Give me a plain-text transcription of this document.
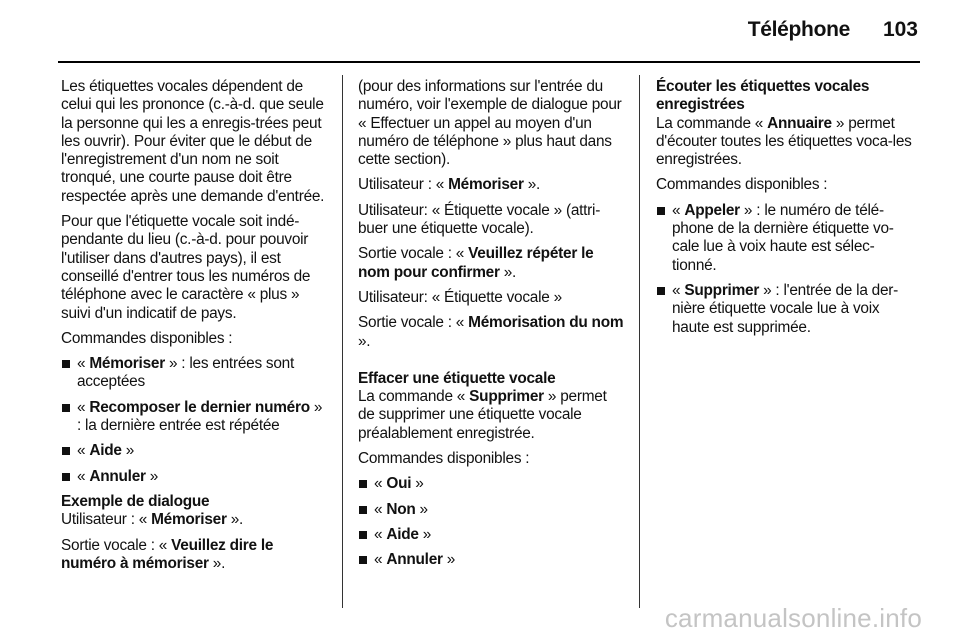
Téléphone 103

Les étiquettes vocales dépendent de celui qui les prononce (c.-à-d. que seule la personne qui les a enregis-trées peut les ouvrir). Pour éviter que le début de l'enregistrement d'un nom ne soit tronqué, une courte pause doit être respectée après une demande d'entrée.

Pour que l'étiquette vocale soit indé-pendante du lieu (c.-à-d. pour pouvoir l'utiliser dans d'autres pays), il est conseillé d'entrer tous les numéros de téléphone avec le caractère « plus » suivi d'un indicatif de pays.

Commandes disponibles :

« Mémoriser » : les entrées sont acceptées
« Recomposer le dernier numéro » : la dernière entrée est répétée
« Aide »
« Annuler »
Exemple de dialogue

Utilisateur : « Mémoriser ».

Sortie vocale : « Veuillez dire le numéro à mémoriser ».

(pour des informations sur l'entrée du numéro, voir l'exemple de dialogue pour « Effectuer un appel au moyen d'un numéro de téléphone » plus haut dans cette section).

Utilisateur : « Mémoriser ».

Utilisateur: « Étiquette vocale » (attri-buer une étiquette vocale).

Sortie vocale : « Veuillez répéter le nom pour confirmer ».

Utilisateur: « Étiquette vocale »

Sortie vocale : « Mémorisation du nom ».

Effacer une étiquette vocale

La commande « Supprimer » permet de supprimer une étiquette vocale préalablement enregistrée.

Commandes disponibles :

« Oui »
« Non »
« Aide »
« Annuler »
Écouter les étiquettes vocales enregistrées

La commande « Annuaire » permet d'écouter toutes les étiquettes voca-les enregistrées.

Commandes disponibles :

« Appeler » : le numéro de télé-phone de la dernière étiquette vo-cale lue à voix haute est sélec-tionné.
« Supprimer » : l'entrée de la der-nière étiquette vocale lue à voix haute est supprimée.
carmanualsonline.info
